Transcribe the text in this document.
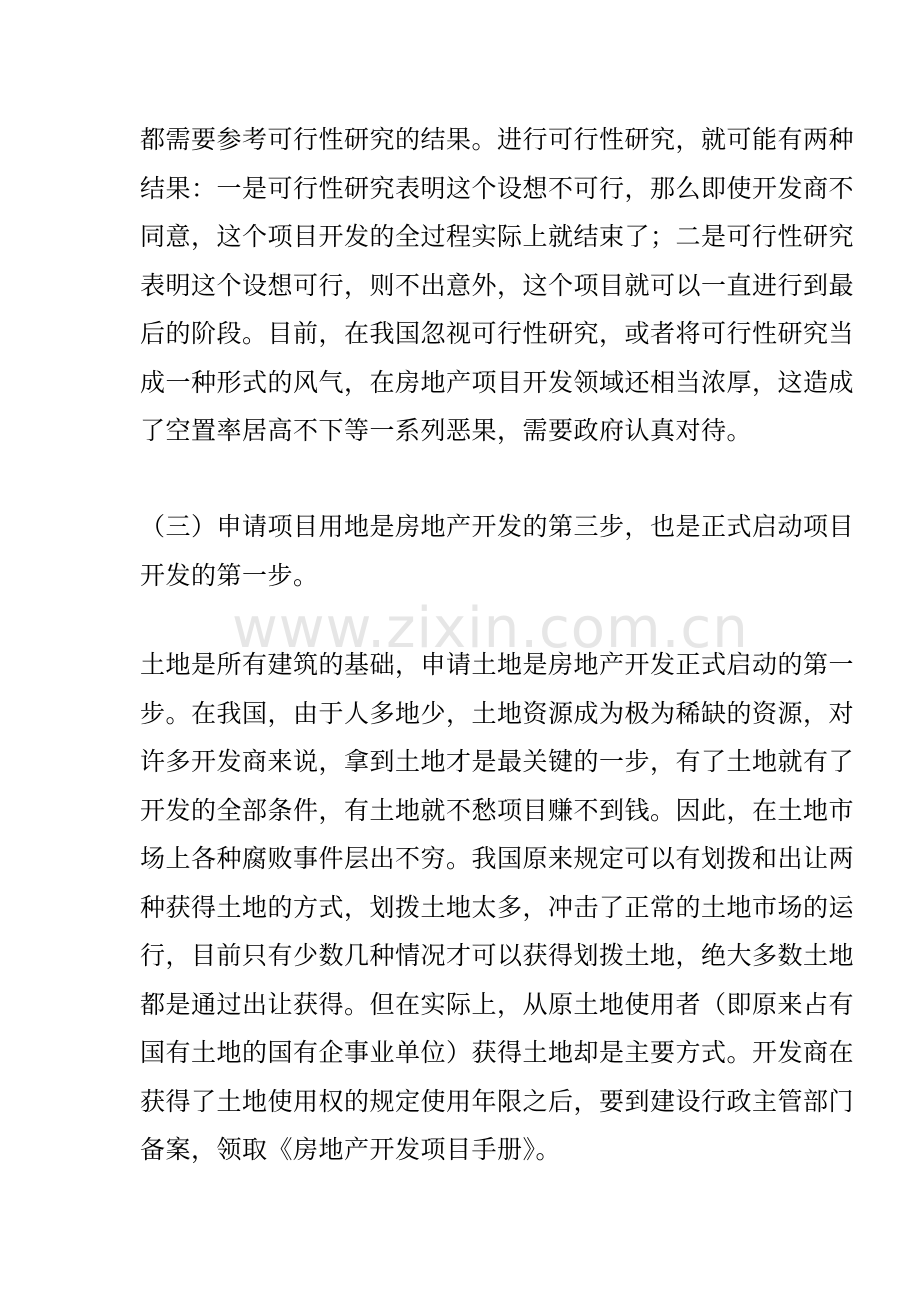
www.zixin.com.cn

都需要参考可行性研究的结果。进行可行性研究，就可能有两种
结果：一是可行性研究表明这个设想不可行，那么即使开发商不
同意，这个项目开发的全过程实际上就结束了；二是可行性研究
表明这个设想可行，则不出意外，这个项目就可以一直进行到最
后的阶段。目前，在我国忽视可行性研究，或者将可行性研究当
成一种形式的风气，在房地产项目开发领域还相当浓厚，这造成
了空置率居高不下等一系列恶果，需要政府认真对待。

（三）申请项目用地是房地产开发的第三步，也是正式启动项目
开发的第一步。

土地是所有建筑的基础，申请土地是房地产开发正式启动的第一
步。在我国，由于人多地少，土地资源成为极为稀缺的资源，对
许多开发商来说，拿到土地才是最关键的一步，有了土地就有了
开发的全部条件，有土地就不愁项目赚不到钱。因此，在土地市
场上各种腐败事件层出不穷。我国原来规定可以有划拨和出让两
种获得土地的方式，划拨土地太多，冲击了正常的土地市场的运
行，目前只有少数几种情况才可以获得划拨土地，绝大多数土地
都是通过出让获得。但在实际上，从原土地使用者（即原来占有
国有土地的国有企事业单位）获得土地却是主要方式。开发商在
获得了土地使用权的规定使用年限之后，要到建设行政主管部门
备案，领取《房地产开发项目手册》。
